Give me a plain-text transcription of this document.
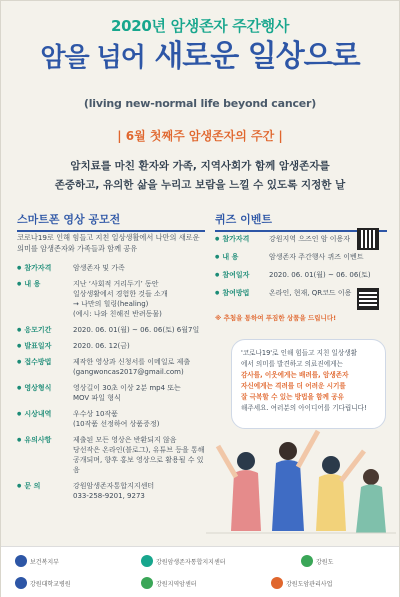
2020년 암생존자 주간행사
암을 넘어 새로운 일상으로
(living new-normal life beyond cancer)
| 6월 첫째주 암생존자의 주간 |
암치료를 마친 환자와 가족, 지역사회가 함께 암생존자를
존중하고, 유의한 삶을 누리고 보람을 느낄 수 있도록 지정한 날
스마트폰 영상 공모전
코로나19로 인해 힘들고 지친 일상생활에서 나만의 새로운 의미를 암생존자와 가족들과 함께 공유
● 참가자격	암생존자 및 가족
● 내 용	지난 ‘사회적 거리두기’ 동안
일상생활에서 경험한 것들 소개
→ 나만의 힐링(healing)
(예시: 나와 친해진 반려동물)
● 응모기간	2020. 06. 01(월) ~ 06. 06(토) 6월7일
● 발표일자	2020. 06. 12(금)
● 접수방법	제작한 영상과 신청서를 이메일로 제출
(gangwoncas2017@gmail.com)
● 영상형식	영상길이 30초 이상 2분 mp4 또는
MOV 파일 형식
● 시상내역	우수상 10작품
(10작품 선정하여 상품증정)
● 유의사항	제출된 모든 영상은 반환되지 않음
당선작은 온라인(블로그), 유튜브 등을 통해
공개되며, 향후 홍보 영상으로 활용될 수 있음
● 문 의	강원암생존자통합지지센터
033-258-9201, 9273
퀴즈 이벤트
● 참가자격	강원지역 으즈인 암 이용자
● 내 용	암생존자 주간행사 퀴즈 이벤트
● 참여일자	2020. 06. 01(월) ~ 06. 06(토)
● 참여방법	온라인, 현재, QR코드 이용
※ 추첨을 통하여 푸짐한 상품을 드립니다!
'코로나19'로 인해 힘들고 지친 일상생활
에서 의미를 발견하고 의료진에게는
감사를, 이웃에게는 배려를, 암생존자
자신에게는 격려를 더 어려운 시기를
잘 극복할 수 있는 방법을 함께 공유
해주세요. 여러분의 아이디어를 기다립니다!
보건복지부	강원암생존자통합지지센터	강원도
강원대학교병원	강원지역암센터	강원도암관리사업
